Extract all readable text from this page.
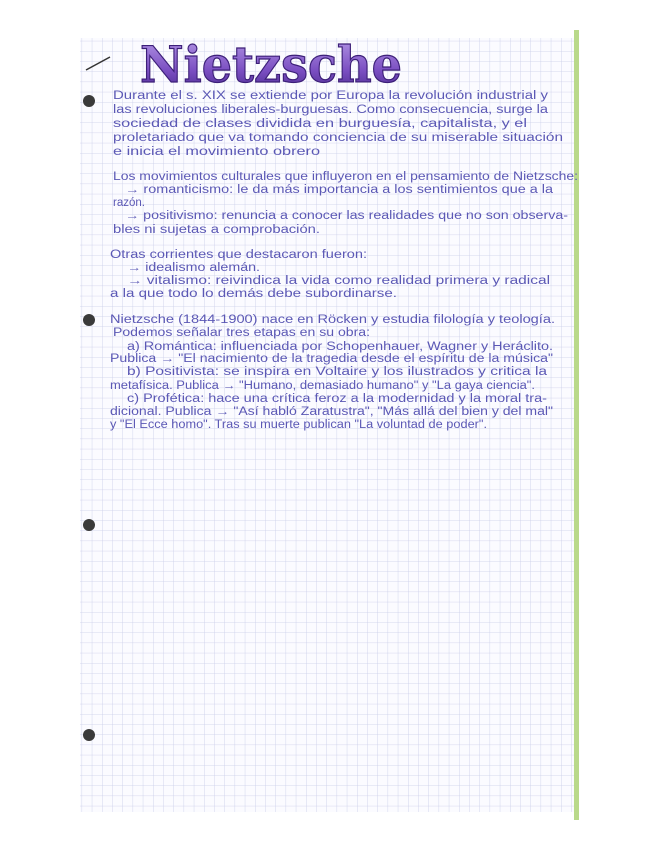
Nietzsche
Durante el s. XIX se extiende por Europa la revolución industrial y
las revoluciones liberales-burguesas. Como consecuencia, surge la
sociedad de clases dividida en burguesía, capitalista, y el
proletariado que va tomando conciencia de su miserable situación
e inicia el movimiento obrero
Los movimientos culturales que influyeron en el pensamiento de Nietzsche:
→ romanticismo: le da más importancia a los sentimientos que a la
razón.
→ positivismo: renuncia a conocer las realidades que no son observa-
bles ni sujetas a comprobación.
Otras corrientes que destacaron fueron:
→ idealismo alemán.
→ vitalismo: reivindica la vida como realidad primera y radical
a la que todo lo demás debe subordinarse.
Nietzsche (1844-1900) nace en Röcken y estudia filología y teología.
Podemos señalar tres etapas en su obra:
a) Romántica: influenciada por Schopenhauer, Wagner y Heráclito.
Publica → "El nacimiento de la tragedia desde el espíritu de la música"
b) Positivista: se inspira en Voltaire y los ilustrados y critica la
metafísica. Publica → "Humano, demasiado humano" y "La gaya ciencia".
c) Profética: hace una crítica feroz a la modernidad y la moral tra-
dicional. Publica → "Así habló Zaratustra", "Más allá del bien y del mal"
y "El Ecce homo". Tras su muerte publican "La voluntad de poder".
